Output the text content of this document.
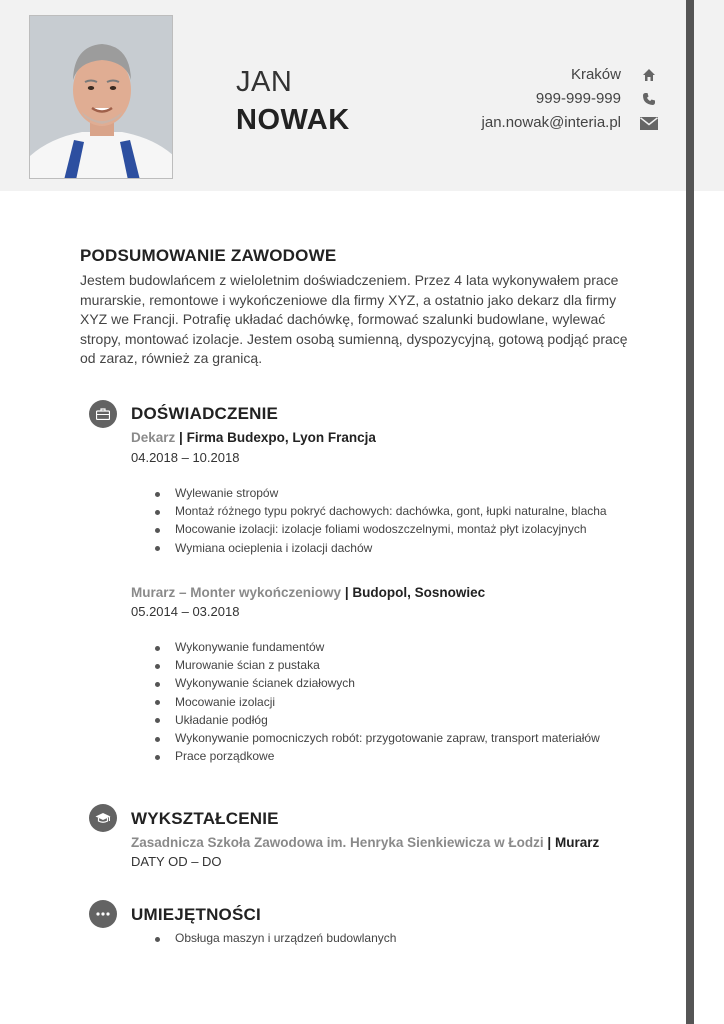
JAN
NOWAK
Kraków
999-999-999
jan.nowak@interia.pl
PODSUMOWANIE ZAWODOWE
Jestem budowlańcem z wieloletnim doświadczeniem. Przez 4 lata wykonywałem prace
murarskie, remontowe i wykończeniowe dla firmy XYZ, a ostatnio jako dekarz dla firmy
XYZ we Francji. Potrafię układać dachówkę, formować szalunki budowlane, wylewać
stropy, montować izolacje. Jestem osobą sumienną, dyspozycyjną, gotową podjąć pracę
od zaraz, również za granicą.
DOŚWIADCZENIE
Dekarz | Firma Budexpo, Lyon Francja
04.2018 – 10.2018
Wylewanie stropów
Montaż różnego typu pokryć dachowych: dachówka, gont, łupki naturalne, blacha
Mocowanie izolacji: izolacje foliami wodoszczelnymi, montaż płyt izolacyjnych
Wymiana ocieplenia i izolacji dachów
Murarz – Monter wykończeniowy | Budopol, Sosnowiec
05.2014 – 03.2018
Wykonywanie fundamentów
Murowanie ścian z pustaka
Wykonywanie ścianek działowych
Mocowanie izolacji
Układanie podłóg
Wykonywanie pomocniczych robót: przygotowanie zapraw, transport materiałów
Prace porządkowe
WYKSZTAŁCENIE
Zasadnicza Szkoła Zawodowa im. Henryka Sienkiewicza w Łodzi | Murarz
DATY OD – DO
UMIEJĘTNOŚCI
Obsługa maszyn i urządzeń budowlanych
